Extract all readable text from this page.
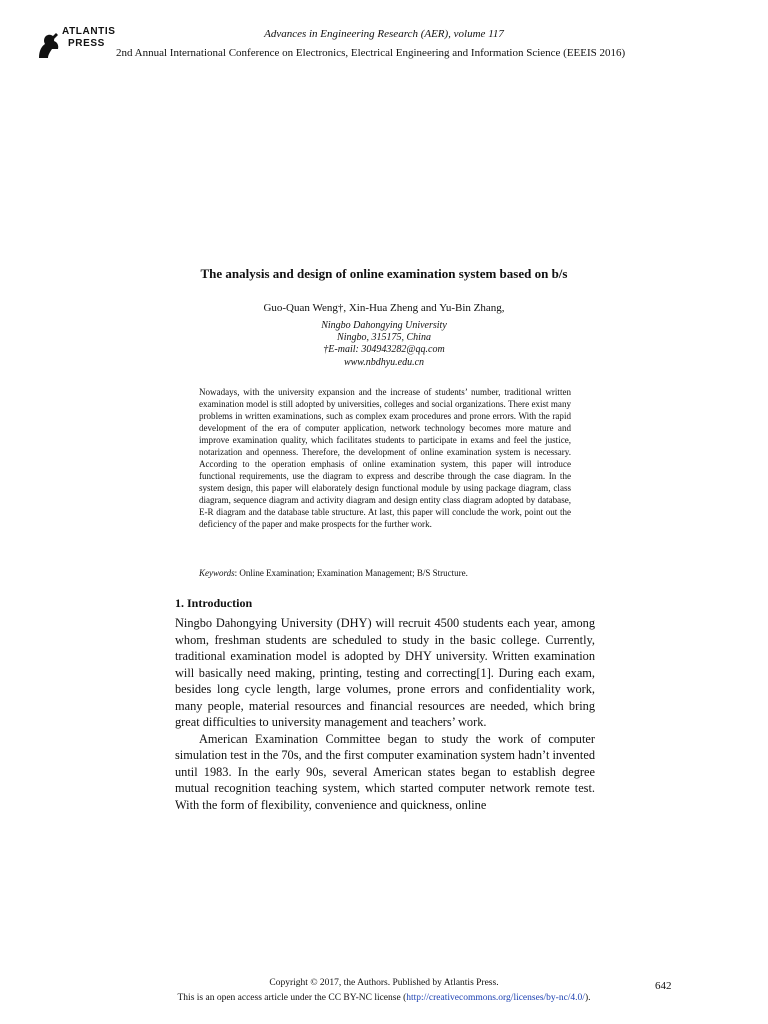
ATLANTIS
PRESS
Advances in Engineering Research (AER), volume 117
2nd Annual International Conference on Electronics, Electrical Engineering and Information Science (EEEIS 2016)
The analysis and design of online examination system based on b/s
Guo-Quan Weng†, Xin-Hua Zheng and Yu-Bin Zhang,
Ningbo Dahongying University
Ningbo, 315175, China
†E-mail: 304943282@qq.com
www.nbdhyu.edu.cn
Nowadays, with the university expansion and the increase of students’ number, traditional written examination model is still adopted by universities, colleges and social organizations. There exist many problems in written examinations, such as complex exam procedures and prone errors. With the rapid development of the era of computer application, network technology becomes more mature and improve examination quality, which facilitates students to participate in exams and feel the justice, notarization and openness. Therefore, the development of online examination system is necessary. According to the operation emphasis of online examination system, this paper will introduce functional requirements, use the diagram to express and describe through the case diagram. In the system design, this paper will elaborately design functional module by using package diagram, class diagram, sequence diagram and activity diagram and design entity class diagram adopted by database, E-R diagram and the database table structure. At last, this paper will conclude the work, point out the deficiency of the paper and make prospects for the further work.
Keywords: Online Examination; Examination Management; B/S Structure.
1. Introduction

Ningbo Dahongying University (DHY) will recruit 4500 students each year, among whom, freshman students are scheduled to study in the basic college. Currently, traditional examination model is adopted by DHY university. Written examination will basically need making, printing, testing and correcting[1]. During each exam, besides long cycle length, large volumes, prone errors and confidentiality work, many people, material resources and financial resources are needed, which bring great difficulties to university management and teachers’ work.

American Examination Committee began to study the work of computer simulation test in the 70s, and the first computer examination system hadn’t invented until 1983. In the early 90s, several American states began to establish degree mutual recognition teaching system, which started computer network remote test. With the form of flexibility, convenience and quickness, online

Copyright © 2017, the Authors. Published by Atlantis Press.
This is an open access article under the CC BY-NC license (http://creativecommons.org/licenses/by-nc/4.0/).
642
